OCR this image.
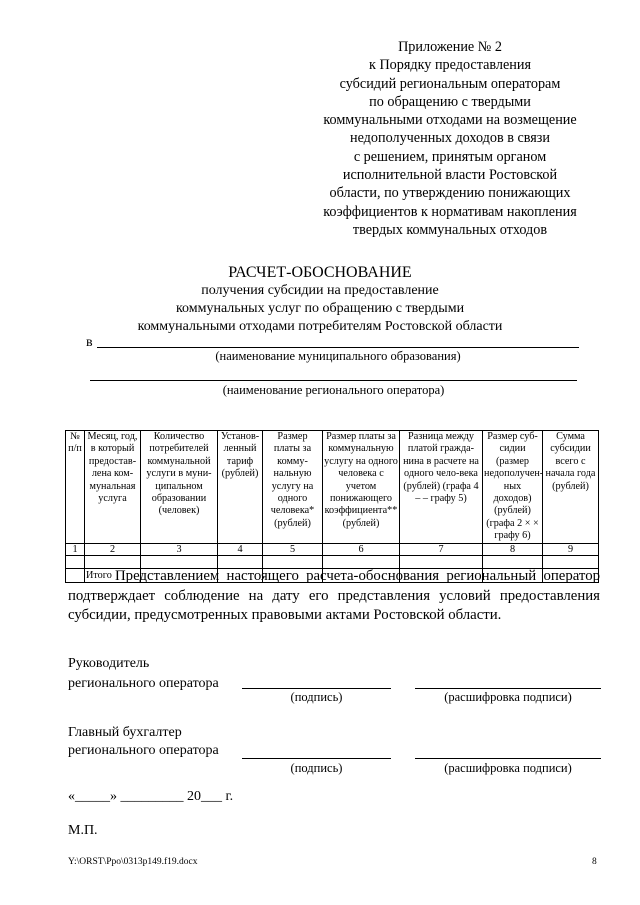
Приложение № 2
к Порядку предоставления
субсидий региональным операторам
по обращению с твердыми
коммунальными отходами на возмещение
недополученных доходов в связи
с решением, принятым органом
исполнительной власти Ростовской
области, по утверждению понижающих
коэффициентов к нормативам накопления
твердых коммунальных отходов
РАСЧЕТ-ОБОСНОВАНИЕ
получения субсидии на предоставление
коммунальных услуг по обращению с твердыми
коммунальными отходами потребителям Ростовской области
в
(наименование муниципального образования)
(наименование регионального оператора)
№ п/п	Месяц, год, в который предостав-лена ком-мунальная услуга	Количество потребителей коммунальной услуги в муни-ципальном образовании (человек)	Установ-ленный тариф (рублей)	Размер платы за комму-нальную услугу на одного человека* (рублей)	Размер платы за коммунальную услугу на одного человека с учетом понижающего коэффициента** (рублей)	Разница между платой гражда-нина в расчете на одного чело-века (рублей) (графа 4 – – графу 5)	Размер суб-сидии (размер недополучен-ных доходов) (рублей) (графа 2 × × графу 6)	Сумма субсидии всего с начала года (рублей)
1	2	3	4	5	6	7	8	9

	Итого							Представлением настоящего расчета-обоснования региональный оператор
подтверждает соблюдение на дату его представления условий предоставления
субсидии, предусмотренных правовыми актами Ростовской области.
Руководитель
регионального оператора
(подпись)	(расшифровка подписи)
Главный бухгалтер
регионального оператора
(подпись)	(расшифровка подписи)
«_____» _________ 20___ г.
М.П.
Y:\ORST\Ppo\0313p149.f19.docx	8
